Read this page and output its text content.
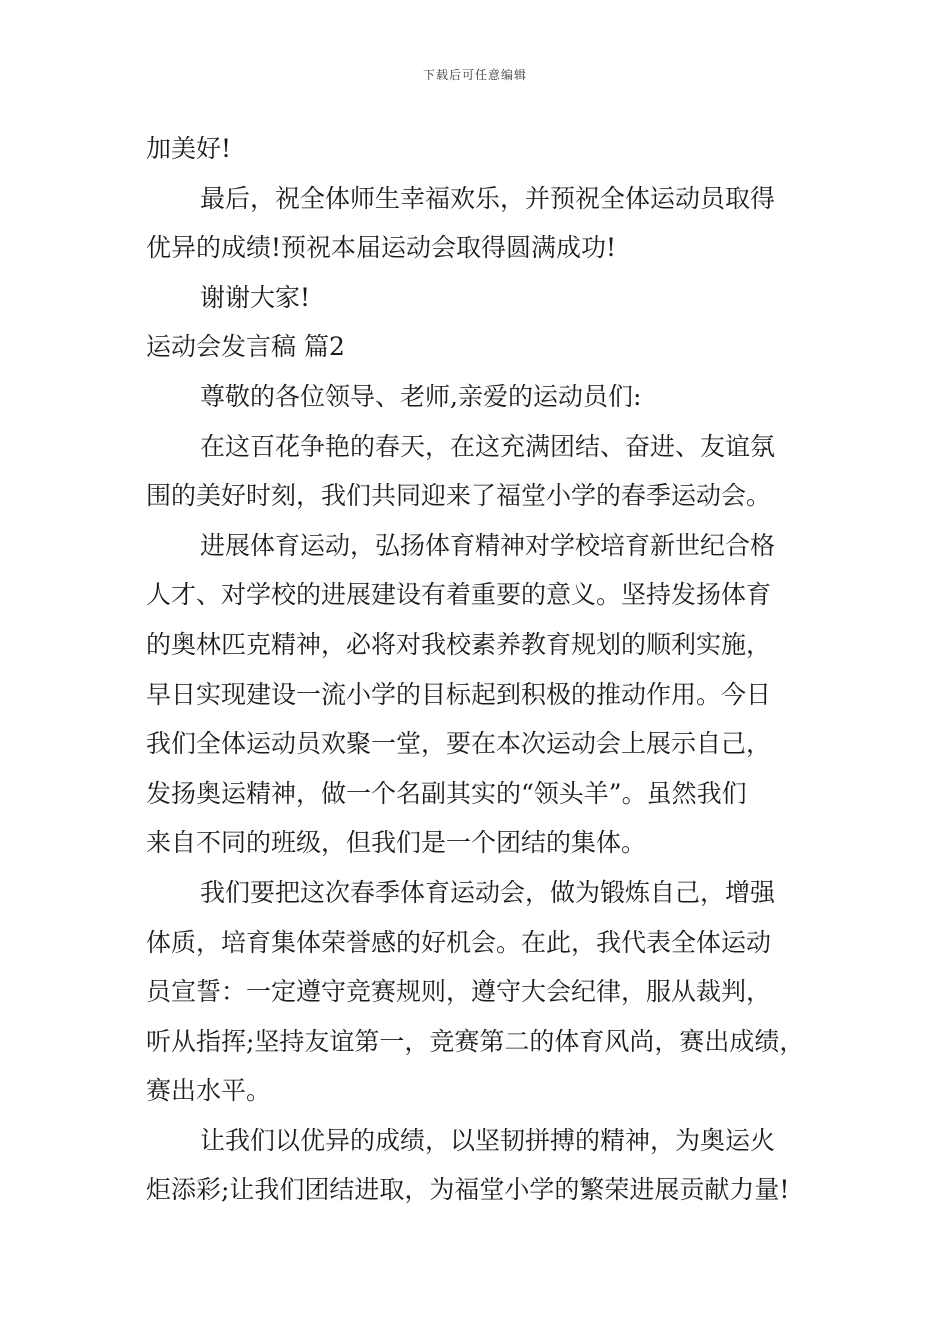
下载后可任意编辑
加美好!
最后，祝全体师生幸福欢乐，并预祝全体运动员取得
优异的成绩!预祝本届运动会取得圆满成功!
谢谢大家!
运动会发言稿 篇2
尊敬的各位领导、老师,亲爱的运动员们:
在这百花争艳的春天，在这充满团结、奋进、友谊氛
围的美好时刻，我们共同迎来了福堂小学的春季运动会。
进展体育运动，弘扬体育精神对学校培育新世纪合格
人才、对学校的进展建设有着重要的意义。坚持发扬体育
的奥林匹克精神，必将对我校素养教育规划的顺利实施，
早日实现建设一流小学的目标起到积极的推动作用。今日
我们全体运动员欢聚一堂，要在本次运动会上展示自己，
发扬奥运精神，做一个名副其实的“领头羊”。虽然我们
来自不同的班级，但我们是一个团结的集体。
我们要把这次春季体育运动会，做为锻炼自己，增强
体质，培育集体荣誉感的好机会。在此，我代表全体运动
员宣誓：一定遵守竞赛规则，遵守大会纪律，服从裁判，
听从指挥;坚持友谊第一，竞赛第二的体育风尚，赛出成绩，
赛出水平。
让我们以优异的成绩，以坚韧拼搏的精神，为奥运火
炬添彩;让我们团结进取，为福堂小学的繁荣进展贡献力量!
